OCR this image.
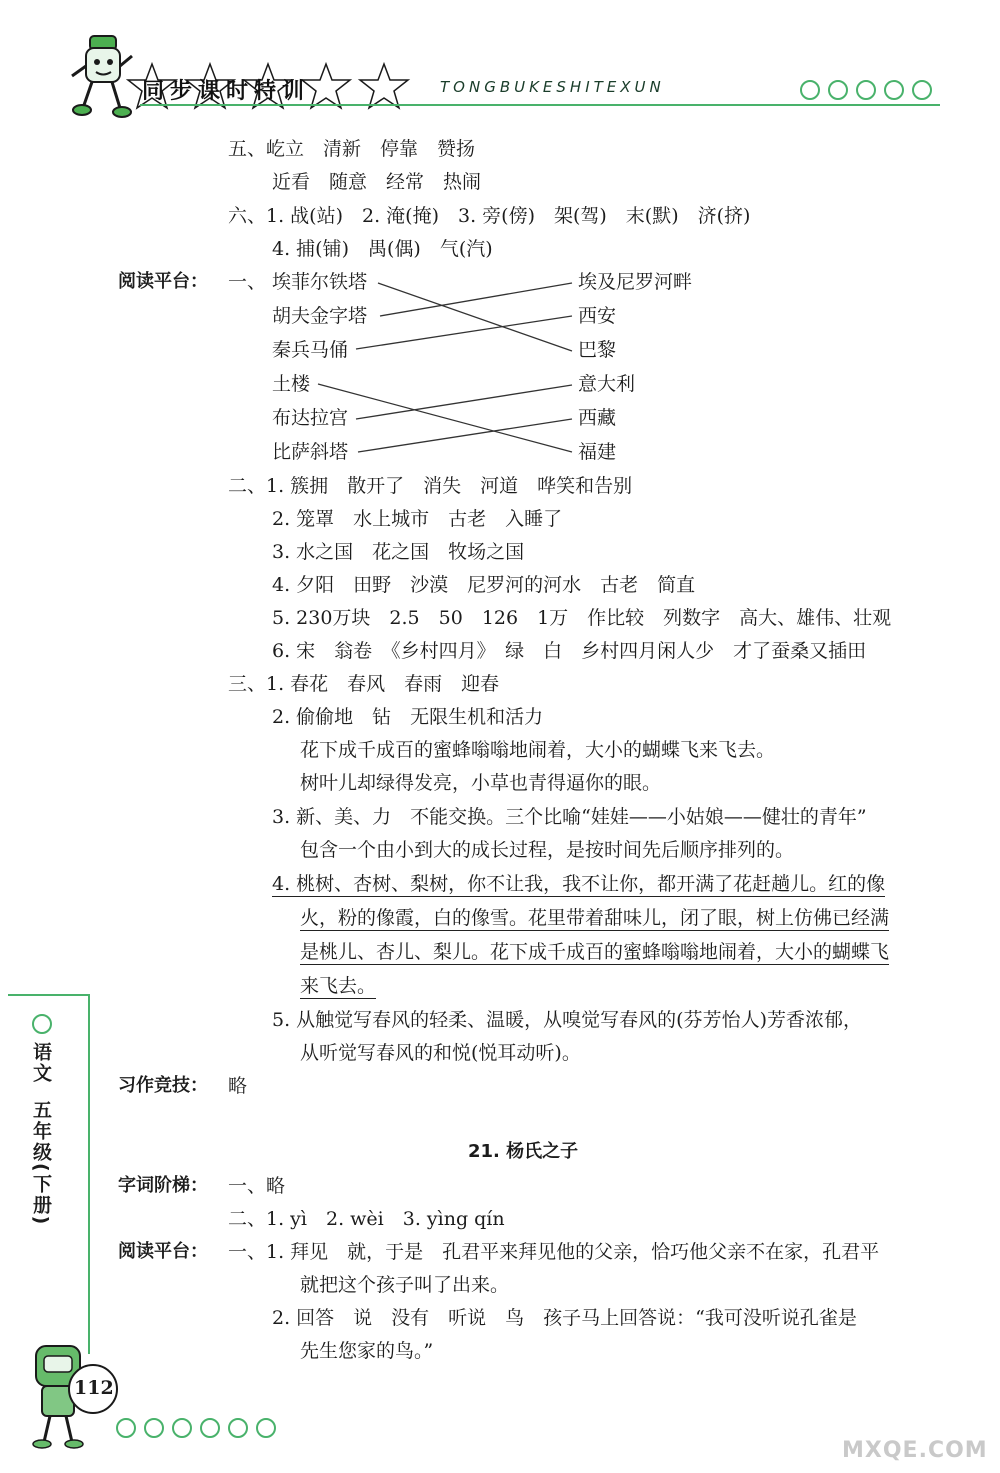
同步课时特训	TONGBUKESHITEXUN
五、屹立　清新　停靠　赞扬
近看　随意　经常　热闹
六、1. 战(站)　2. 淹(掩)　3. 旁(傍)　架(驾)　末(默)　济(挤)
4. 捕(铺)　禺(偶)　气(汽)
阅读平台： 一、 埃菲尔铁塔
胡夫金字塔
秦兵马俑
土楼
布达拉宫
比萨斜塔
埃及尼罗河畔
西安
巴黎
意大利
西藏
福建
二、1. 簇拥　散开了　消失　河道　哗笑和告别
2. 笼罩　水上城市　古老　入睡了
3. 水之国　花之国　牧场之国
4. 夕阳　田野　沙漠　尼罗河的河水　古老　简直
5. 230万块　2.5　50　126　1万　作比较　列数字　高大、雄伟、壮观
6. 宋　翁卷　《乡村四月》　绿　白　乡村四月闲人少　才了蚕桑又插田
三、1. 春花　春风　春雨　迎春
2. 偷偷地　钻　无限生机和活力
花下成千成百的蜜蜂嗡嗡地闹着，大小的蝴蝶飞来飞去。
树叶儿却绿得发亮，小草也青得逼你的眼。
3. 新、美、力　不能交换。三个比喻“娃娃——小姑娘——健壮的青年”
包含一个由小到大的成长过程，是按时间先后顺序排列的。
4. 桃树、杏树、梨树，你不让我，我不让你，都开满了花赶趟儿。红的像
火，粉的像霞，白的像雪。花里带着甜味儿，闭了眼，树上仿佛已经满
是桃儿、杏儿、梨儿。花下成千成百的蜜蜂嗡嗡地闹着，大小的蝴蝶飞
来飞去。
5. 从触觉写春风的轻柔、温暖，从嗅觉写春风的(芬芳怡人)芳香浓郁，
从听觉写春风的和悦(悦耳动听)。
习作竞技： 略
21. 杨氏之子
字词阶梯： 一、略
二、1. yì　2. wèi　3. yìng qín
阅读平台： 一、1. 拜见　就，于是　孔君平来拜见他的父亲，恰巧他父亲不在家，孔君平
就把这个孩子叫了出来。
2. 回答　说　没有　听说　鸟　孩子马上回答说：“我可没听说孔雀是
先生您家的鸟。”
语文
五年级(下册)
112
MXQE.COM
